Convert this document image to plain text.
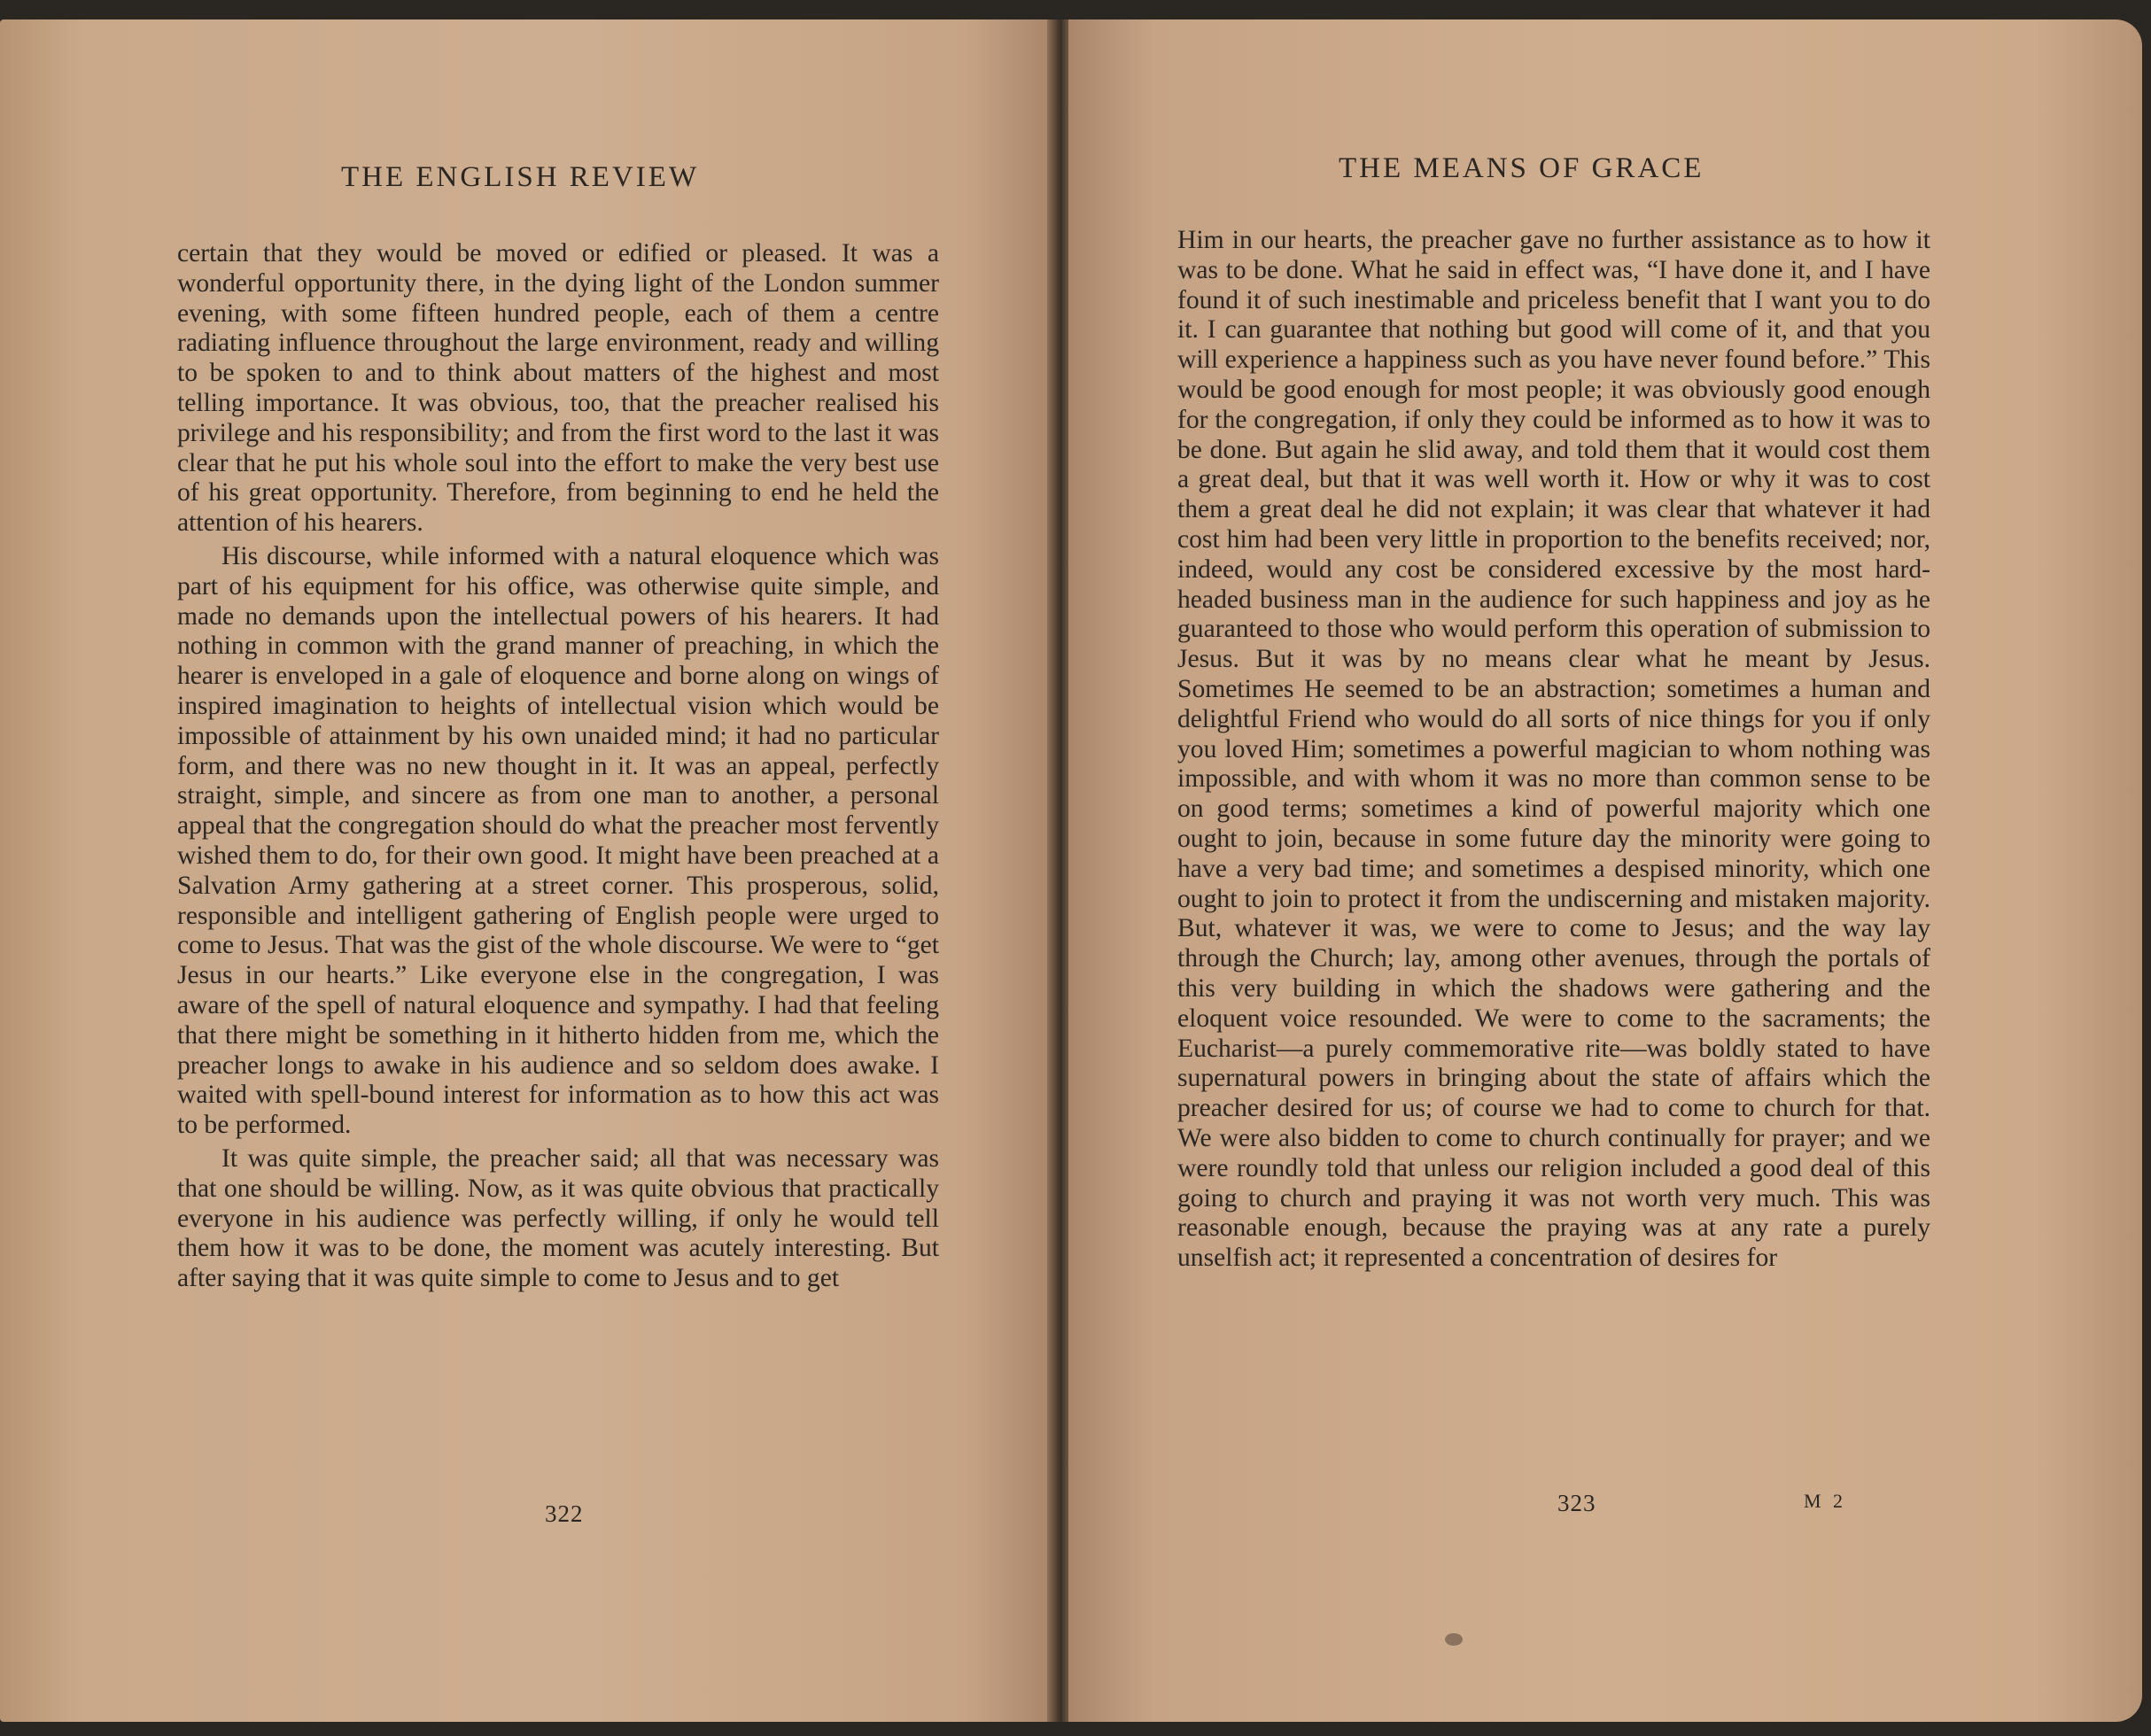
THE ENGLISH REVIEW

certain that they would be moved or edified or pleased. It was a wonderful opportunity there, in the dying light of the London summer evening, with some fifteen hundred people, each of them a centre radiating influence throughout the large environment, ready and willing to be spoken to and to think about matters of the highest and most telling importance. It was obvious, too, that the preacher realised his privilege and his responsibility; and from the first word to the last it was clear that he put his whole soul into the effort to make the very best use of his great opportunity. Therefore, from beginning to end he held the attention of his hearers.

His discourse, while informed with a natural eloquence which was part of his equipment for his office, was otherwise quite simple, and made no demands upon the intellectual powers of his hearers. It had nothing in common with the grand manner of preaching, in which the hearer is enveloped in a gale of eloquence and borne along on wings of inspired imagination to heights of intellectual vision which would be impossible of attainment by his own unaided mind; it had no particular form, and there was no new thought in it. It was an appeal, perfectly straight, simple, and sincere as from one man to another, a personal appeal that the congregation should do what the preacher most fervently wished them to do, for their own good. It might have been preached at a Salvation Army gathering at a street corner. This prosperous, solid, responsible and intelligent gathering of English people were urged to come to Jesus. That was the gist of the whole discourse. We were to “get Jesus in our hearts.” Like everyone else in the congregation, I was aware of the spell of natural eloquence and sympathy. I had that feeling that there might be something in it hitherto hidden from me, which the preacher longs to awake in his audience and so seldom does awake. I waited with spell-bound interest for information as to how this act was to be performed.

It was quite simple, the preacher said; all that was necessary was that one should be willing. Now, as it was quite obvious that practically everyone in his audience was perfectly willing, if only he would tell them how it was to be done, the moment was acutely interesting. But after saying that it was quite simple to come to Jesus and to get

322
THE MEANS OF GRACE

Him in our hearts, the preacher gave no further assistance as to how it was to be done. What he said in effect was, “I have done it, and I have found it of such inestimable and priceless benefit that I want you to do it. I can guarantee that nothing but good will come of it, and that you will experience a happiness such as you have never found before.” This would be good enough for most people; it was obviously good enough for the congregation, if only they could be informed as to how it was to be done. But again he slid away, and told them that it would cost them a great deal, but that it was well worth it. How or why it was to cost them a great deal he did not explain; it was clear that whatever it had cost him had been very little in proportion to the benefits received; nor, indeed, would any cost be considered excessive by the most hard-headed business man in the audience for such happiness and joy as he guaranteed to those who would perform this operation of submission to Jesus. But it was by no means clear what he meant by Jesus. Sometimes He seemed to be an abstraction; sometimes a human and delightful Friend who would do all sorts of nice things for you if only you loved Him; sometimes a powerful magician to whom nothing was impossible, and with whom it was no more than common sense to be on good terms; sometimes a kind of powerful majority which one ought to join, because in some future day the minority were going to have a very bad time; and sometimes a despised minority, which one ought to join to protect it from the undiscerning and mistaken majority. But, whatever it was, we were to come to Jesus; and the way lay through the Church; lay, among other avenues, through the portals of this very building in which the shadows were gathering and the eloquent voice resounded. We were to come to the sacraments; the Eucharist—a purely commemorative rite—was boldly stated to have supernatural powers in bringing about the state of affairs which the preacher desired for us; of course we had to come to church for that. We were also bidden to come to church continually for prayer; and we were roundly told that unless our religion included a good deal of this going to church and praying it was not worth very much. This was reasonable enough, because the praying was at any rate a purely unselfish act; it represented a concentration of desires for

323	M 2
